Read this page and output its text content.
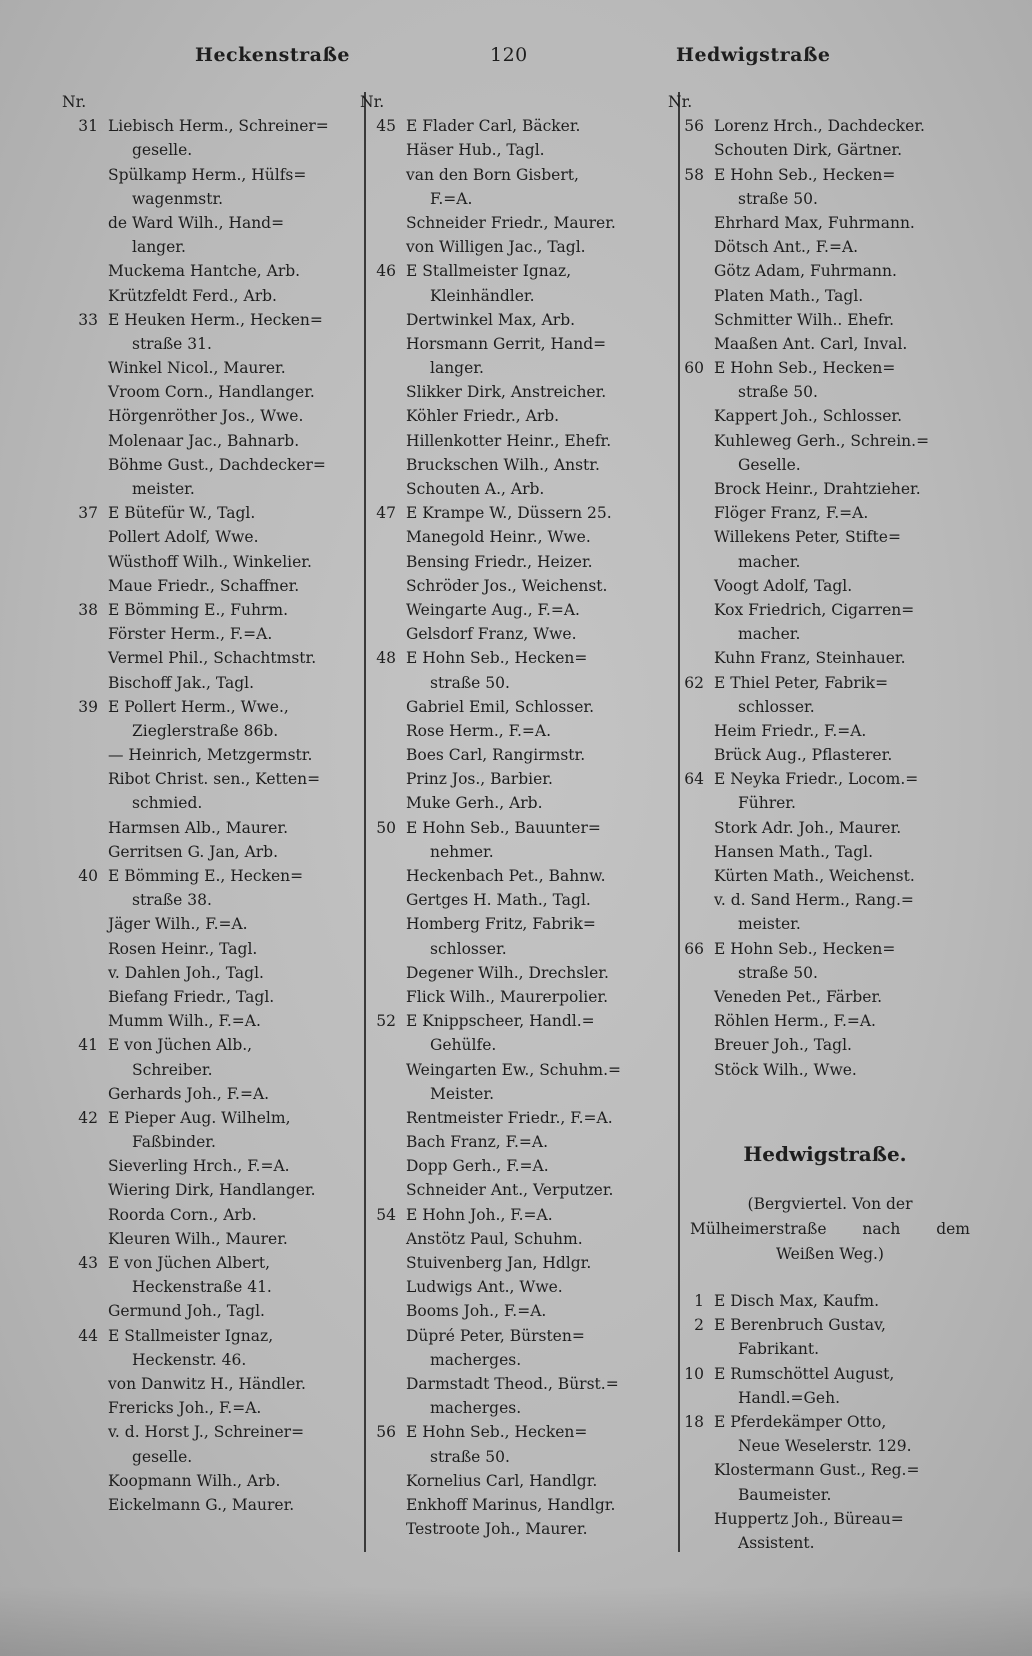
Heckenstraße	120	Hedwigstraße
Nr.
31 Liebisch Herm., Schreiner=
geselle.
Spülkamp Herm., Hülfs=
wagenmstr.
de Ward Wilh., Hand=
langer.
Muckema Hantche, Arb.
Krützfeldt Ferd., Arb.
33 E Heuken Herm., Hecken=
straße 31.
Winkel Nicol., Maurer.
Vroom Corn., Handlanger.
Hörgenröther Jos., Wwe.
Molenaar Jac., Bahnarb.
Böhme Gust., Dachdecker=
meister.
37 E Bütefür W., Tagl.
Pollert Adolf, Wwe.
Wüsthoff Wilh., Winkelier.
Maue Friedr., Schaffner.
38 E Bömming E., Fuhrm.
Förster Herm., F.=A.
Vermel Phil., Schachtmstr.
Bischoff Jak., Tagl.
39 E Pollert Herm., Wwe.,
Zieglerstraße 86b.
— Heinrich, Metzgermstr.
Ribot Christ. sen., Ketten=
schmied.
Harmsen Alb., Maurer.
Gerritsen G. Jan, Arb.
40 E Bömming E., Hecken=
straße 38.
Jäger Wilh., F.=A.
Rosen Heinr., Tagl.
v. Dahlen Joh., Tagl.
Biefang Friedr., Tagl.
Mumm Wilh., F.=A.
41 E von Jüchen Alb.,
Schreiber.
Gerhards Joh., F.=A.
42 E Pieper Aug. Wilhelm,
Faßbinder.
Sieverling Hrch., F.=A.
Wiering Dirk, Handlanger.
Roorda Corn., Arb.
Kleuren Wilh., Maurer.
43 E von Jüchen Albert,
Heckenstraße 41.
Germund Joh., Tagl.
44 E Stallmeister Ignaz,
Heckenstr. 46.
von Danwitz H., Händler.
Frericks Joh., F.=A.
v. d. Horst J., Schreiner=
geselle.
Koopmann Wilh., Arb.
Eickelmann G., Maurer.
Nr.
45 E Flader Carl, Bäcker.
Häser Hub., Tagl.
van den Born Gisbert,
F.=A.
Schneider Friedr., Maurer.
von Willigen Jac., Tagl.
46 E Stallmeister Ignaz,
Kleinhändler.
Dertwinkel Max, Arb.
Horsmann Gerrit, Hand=
langer.
Slikker Dirk, Anstreicher.
Köhler Friedr., Arb.
Hillenkotter Heinr., Ehefr.
Bruckschen Wilh., Anstr.
Schouten A., Arb.
47 E Krampe W., Düssern 25.
Manegold Heinr., Wwe.
Bensing Friedr., Heizer.
Schröder Jos., Weichenst.
Weingarte Aug., F.=A.
Gelsdorf Franz, Wwe.
48 E Hohn Seb., Hecken=
straße 50.
Gabriel Emil, Schlosser.
Rose Herm., F.=A.
Boes Carl, Rangirmstr.
Prinz Jos., Barbier.
Muke Gerh., Arb.
50 E Hohn Seb., Bauunter=
nehmer.
Heckenbach Pet., Bahnw.
Gertges H. Math., Tagl.
Homberg Fritz, Fabrik=
schlosser.
Degener Wilh., Drechsler.
Flick Wilh., Maurerpolier.
52 E Knippscheer, Handl.=
Gehülfe.
Weingarten Ew., Schuhm.=
Meister.
Rentmeister Friedr., F.=A.
Bach Franz, F.=A.
Dopp Gerh., F.=A.
Schneider Ant., Verputzer.
54 E Hohn Joh., F.=A.
Anstötz Paul, Schuhm.
Stuivenberg Jan, Hdlgr.
Ludwigs Ant., Wwe.
Booms Joh., F.=A.
Düpré Peter, Bürsten=
macherges.
Darmstadt Theod., Bürst.=
macherges.
56 E Hohn Seb., Hecken=
straße 50.
Kornelius Carl, Handlgr.
Enkhoff Marinus, Handlgr.
Testroote Joh., Maurer.
Nr.
56 Lorenz Hrch., Dachdecker.
Schouten Dirk, Gärtner.
58 E Hohn Seb., Hecken=
straße 50.
Ehrhard Max, Fuhrmann.
Dötsch Ant., F.=A.
Götz Adam, Fuhrmann.
Platen Math., Tagl.
Schmitter Wilh.. Ehefr.
Maaßen Ant. Carl, Inval.
60 E Hohn Seb., Hecken=
straße 50.
Kappert Joh., Schlosser.
Kuhleweg Gerh., Schrein.=
Geselle.
Brock Heinr., Drahtzieher.
Flöger Franz, F.=A.
Willekens Peter, Stifte=
macher.
Voogt Adolf, Tagl.
Kox Friedrich, Cigarren=
macher.
Kuhn Franz, Steinhauer.
62 E Thiel Peter, Fabrik=
schlosser.
Heim Friedr., F.=A.
Brück Aug., Pflasterer.
64 E Neyka Friedr., Locom.=
Führer.
Stork Adr. Joh., Maurer.
Hansen Math., Tagl.
Kürten Math., Weichenst.
v. d. Sand Herm., Rang.=
meister.
66 E Hohn Seb., Hecken=
straße 50.
Veneden Pet., Färber.
Röhlen Herm., F.=A.
Breuer Joh., Tagl.
Stöck Wilh., Wwe.
Hedwigstraße.
(Bergviertel. Von der
Mülheimerstraße nach dem
Weißen Weg.)
1 E Disch Max, Kaufm.
2 E Berenbruch Gustav,
Fabrikant.
10 E Rumschöttel August,
Handl.=Geh.
18 E Pferdekämper Otto,
Neue Weselerstr. 129.
Klostermann Gust., Reg.=
Baumeister.
Huppertz Joh., Büreau=
Assistent.
